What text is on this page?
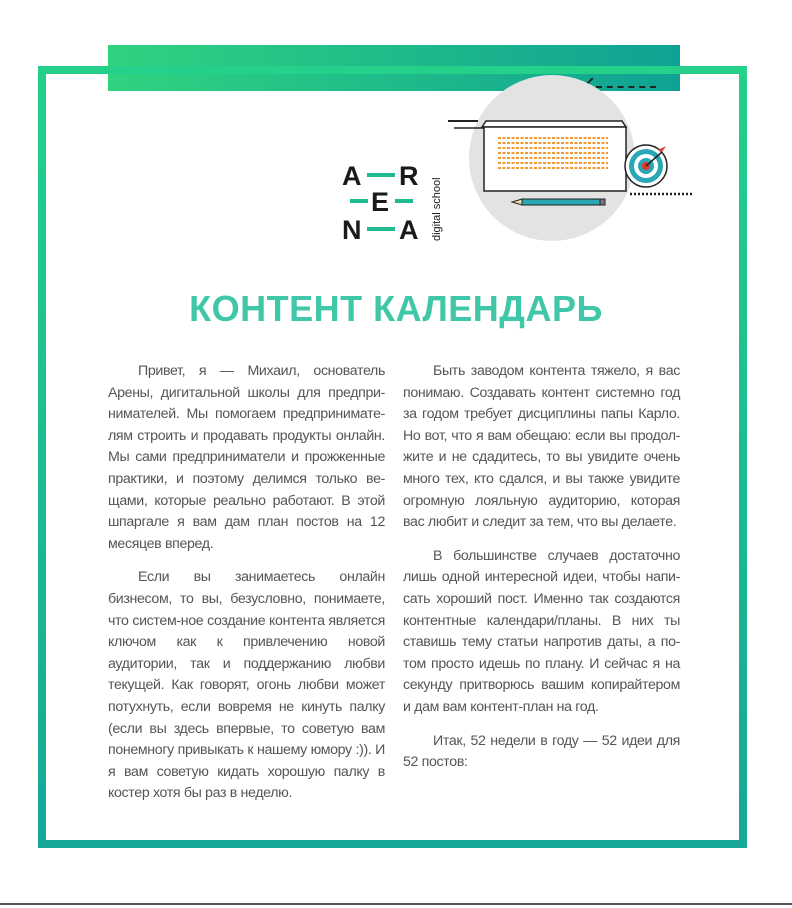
A R
E
N A digital school
КОНТЕНТ КАЛЕНДАРЬ

Привет, я — Михаил, основатель Арены, дигитальной школы для предпри-нимателей. Мы помогаем предпринимате-лям строить и продавать продукты онлайн. Мы сами предприниматели и прожженные практики, и поэтому делимся только ве-щами, которые реально работают. В этой шпаргале я вам дам план постов на 12 месяцев вперед.

Если вы занимаетесь онлайн бизнесом, то вы, безусловно, понимаете, что систем-ное создание контента является ключом как к привлечению новой аудитории, так и поддержанию любви текущей. Как говорят, огонь любви может потухнуть, если вовремя не кинуть палку (если вы здесь впервые, то советую вам понемногу привыкать к нашему юмору :)). И я вам советую кидать хорошую палку в костер хотя бы раз в неделю.

Быть заводом контента тяжело, я вас понимаю. Создавать контент системно год за годом требует дисциплины папы Карло. Но вот, что я вам обещаю: если вы продол-жите и не сдадитесь, то вы увидите очень много тех, кто сдался, и вы также увидите огромную лояльную аудиторию, которая вас любит и следит за тем, что вы делаете.

В большинстве случаев достаточно лишь одной интересной идеи, чтобы напи-сать хороший пост. Именно так создаются контентные календари/планы. В них ты ставишь тему статьи напротив даты, а по-том просто идешь по плану. И сейчас я на секунду притворюсь вашим копирайтером и дам вам контент-план на год.

Итак, 52 недели в году — 52 идеи для 52 постов:
